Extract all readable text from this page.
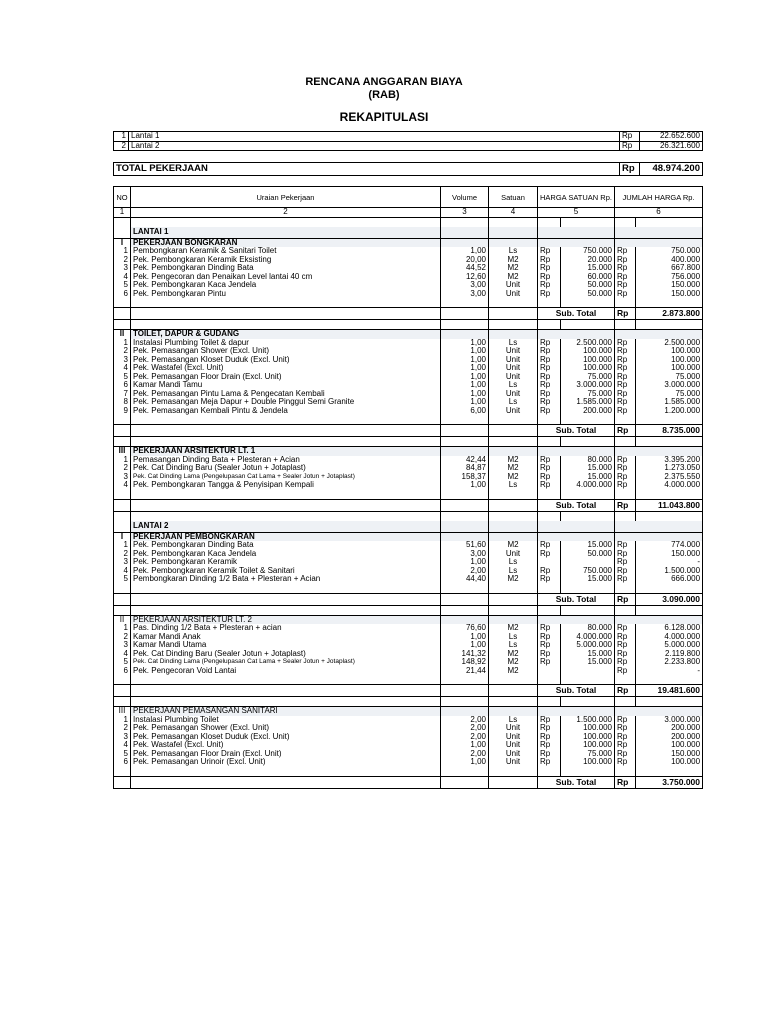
RENCANA ANGGARAN BIAYA
(RAB)
REKAPITULASI
1	Lantai 1	Rp	22.652.600
2	Lantai 2	Rp	26.321.600
TOTAL PEKERJAAN	Rp	48.974.200
NO	Uraian Pekerjaan	Volume	Satuan	HARGA SATUAN Rp.		JUMLAH HARGA Rp.	
1	2	3	4	5		6	

	LANTAI 1						
I	PEKERJAAN BONGKARAN						
1	Pembongkaran Keramik & Sanitari Toilet	1,00	Ls	Rp	750.000	Rp	750.000
2	Pek. Pembongkaran Keramik Eksisting	20,00	M2	Rp	20.000	Rp	400.000
3	Pek. Pembongkaran Dinding Bata	44,52	M2	Rp	15.000	Rp	667.800
4	Pek. Pengecoran dan Penaikan Level lantai 40 cm	12,60	M2	Rp	60.000	Rp	756.000
5	Pek. Pembongkaran Kaca Jendela	3,00	Unit	Rp	50.000	Rp	150.000
6	Pek. Pembongkaran Pintu	3,00	Unit	Rp	50.000	Rp	150.000

				Sub. Total		Rp	2.873.800

II	TOILET, DAPUR & GUDANG						
1	Instalasi Plumbing Toilet & dapur	1,00	Ls	Rp	2.500.000	Rp	2.500.000
2	Pek. Pemasangan Shower (Excl. Unit)	1,00	Unit	Rp	100.000	Rp	100.000
3	Pek. Pemasangan Kloset Duduk (Excl. Unit)	1,00	Unit	Rp	100.000	Rp	100.000
4	Pek. Wastafel (Excl. Unit)	1,00	Unit	Rp	100.000	Rp	100.000
5	Pek. Pemasangan Floor Drain (Excl. Unit)	1,00	Unit	Rp	75.000	Rp	75.000
6	Kamar Mandi Tamu	1,00	Ls	Rp	3.000.000	Rp	3.000.000
7	Pek. Pemasangan Pintu Lama & Pengecatan Kembali	1,00	Unit	Rp	75.000	Rp	75.000
8	Pek. Pemasangan Meja Dapur + Double Pinggul Semi Granite	1,00	Ls	Rp	1.585.000	Rp	1.585.000
9	Pek. Pemasangan Kembali Pintu & Jendela	6,00	Unit	Rp	200.000	Rp	1.200.000

				Sub. Total		Rp	8.735.000

III	PEKERJAAN ARSITEKTUR LT. 1						
1	Pemasangan Dinding Bata + Plesteran + Acian	42,44	M2	Rp	80.000	Rp	3.395.200
2	Pek. Cat Dinding Baru (Sealer Jotun + Jotaplast)	84,87	M2	Rp	15.000	Rp	1.273.050
3	Pek. Cat Dinding Lama (Pengelupasan Cat Lama + Sealer Jotun + Jotaplast)	158,37	M2	Rp	15.000	Rp	2.375.550
4	Pek. Pembongkaran Tangga & Penyisipan Kempali	1,00	Ls	Rp	4.000.000	Rp	4.000.000

				Sub. Total		Rp	11.043.800

	LANTAI 2						
I	PEKERJAAN PEMBONGKARAN						
1	Pek. Pembongkaran Dinding Bata	51,60	M2	Rp	15.000	Rp	774.000
2	Pek. Pembongkaran Kaca Jendela	3,00	Unit	Rp	50.000	Rp	150.000
3	Pek. Pembongkaran Keramik	1,00	Ls			Rp	-
4	Pek. Pembongkaran Keramik Toilet & Sanitari	2,00	Ls	Rp	750.000	Rp	1.500.000
5	Pembongkaran Dinding 1/2 Bata + Plesteran + Acian	44,40	M2	Rp	15.000	Rp	666.000

				Sub. Total		Rp	3.090.000

II	PEKERJAAN ARSITEKTUR LT. 2						
1	Pas. Dinding 1/2 Bata + Plesteran + acian	76,60	M2	Rp	80.000	Rp	6.128.000
2	Kamar Mandi Anak	1,00	Ls	Rp	4.000.000	Rp	4.000.000
3	Kamar Mandi Utama	1,00	Ls	Rp	5.000.000	Rp	5.000.000
4	Pek. Cat Dinding Baru (Sealer Jotun + Jotaplast)	141,32	M2	Rp	15.000	Rp	2.119.800
5	Pek. Cat Dinding Lama (Pengelupasan Cat Lama + Sealer Jotun + Jotaplast)	148,92	M2	Rp	15.000	Rp	2.233.800
6	Pek. Pengecoran Void Lantai	21,44	M2			Rp	-

				Sub. Total		Rp	19.481.600

III	PEKERJAAN PEMASANGAN SANITARI						
1	Instalasi Plumbing Toilet	2,00	Ls	Rp	1.500.000	Rp	3.000.000
2	Pek. Pemasangan Shower (Excl. Unit)	2,00	Unit	Rp	100.000	Rp	200.000
3	Pek. Pemasangan Kloset Duduk (Excl. Unit)	2,00	Unit	Rp	100.000	Rp	200.000
4	Pek. Wastafel (Excl. Unit)	1,00	Unit	Rp	100.000	Rp	100.000
5	Pek. Pemasangan Floor Drain (Excl. Unit)	2,00	Unit	Rp	75.000	Rp	150.000
6	Pek. Pemasangan Urinoir (Excl. Unit)	1,00	Unit	Rp	100.000	Rp	100.000

				Sub. Total		Rp	3.750.000
